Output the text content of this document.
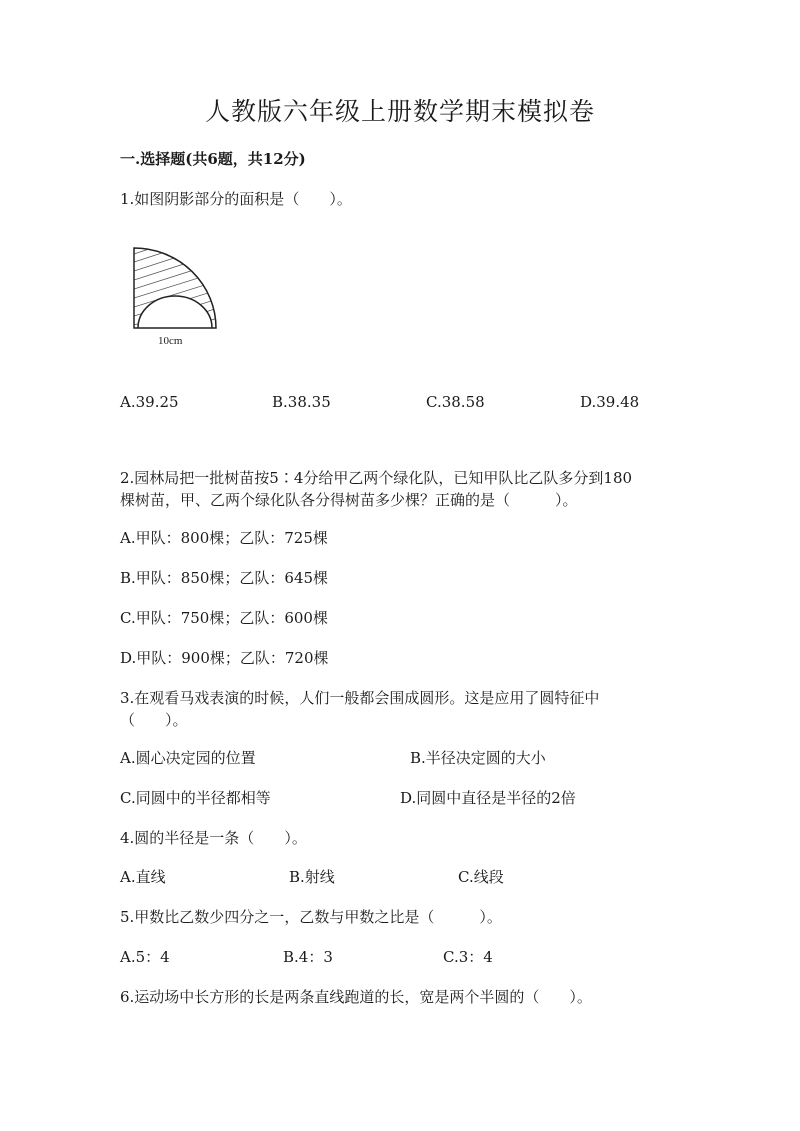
人教版六年级上册数学期末模拟卷
一.选择题(共6题，共12分)
1.如图阴影部分的面积是（　　）。
10cm
A.39.25	B.38.35	C.38.58	D.39.48
2.园林局把一批树苗按5∶4分给甲乙两个绿化队，已知甲队比乙队多分到180
棵树苗，甲、乙两个绿化队各分得树苗多少棵？正确的是（　　　）。
A.甲队：800棵；乙队：725棵
B.甲队：850棵；乙队：645棵
C.甲队：750棵；乙队：600棵
D.甲队：900棵；乙队：720棵
3.在观看马戏表演的时候，人们一般都会围成圆形。这是应用了圆特征中
（　　）。
A.圆心决定园的位置	B.半径决定圆的大小
C.同圆中的半径都相等	D.同圆中直径是半径的2倍
4.圆的半径是一条（　　）。
A.直线	B.射线	C.线段
5.甲数比乙数少四分之一，乙数与甲数之比是（　　　）。
A.5：4	B.4：3	C.3：4
6.运动场中长方形的长是两条直线跑道的长，宽是两个半圆的（　　）。
